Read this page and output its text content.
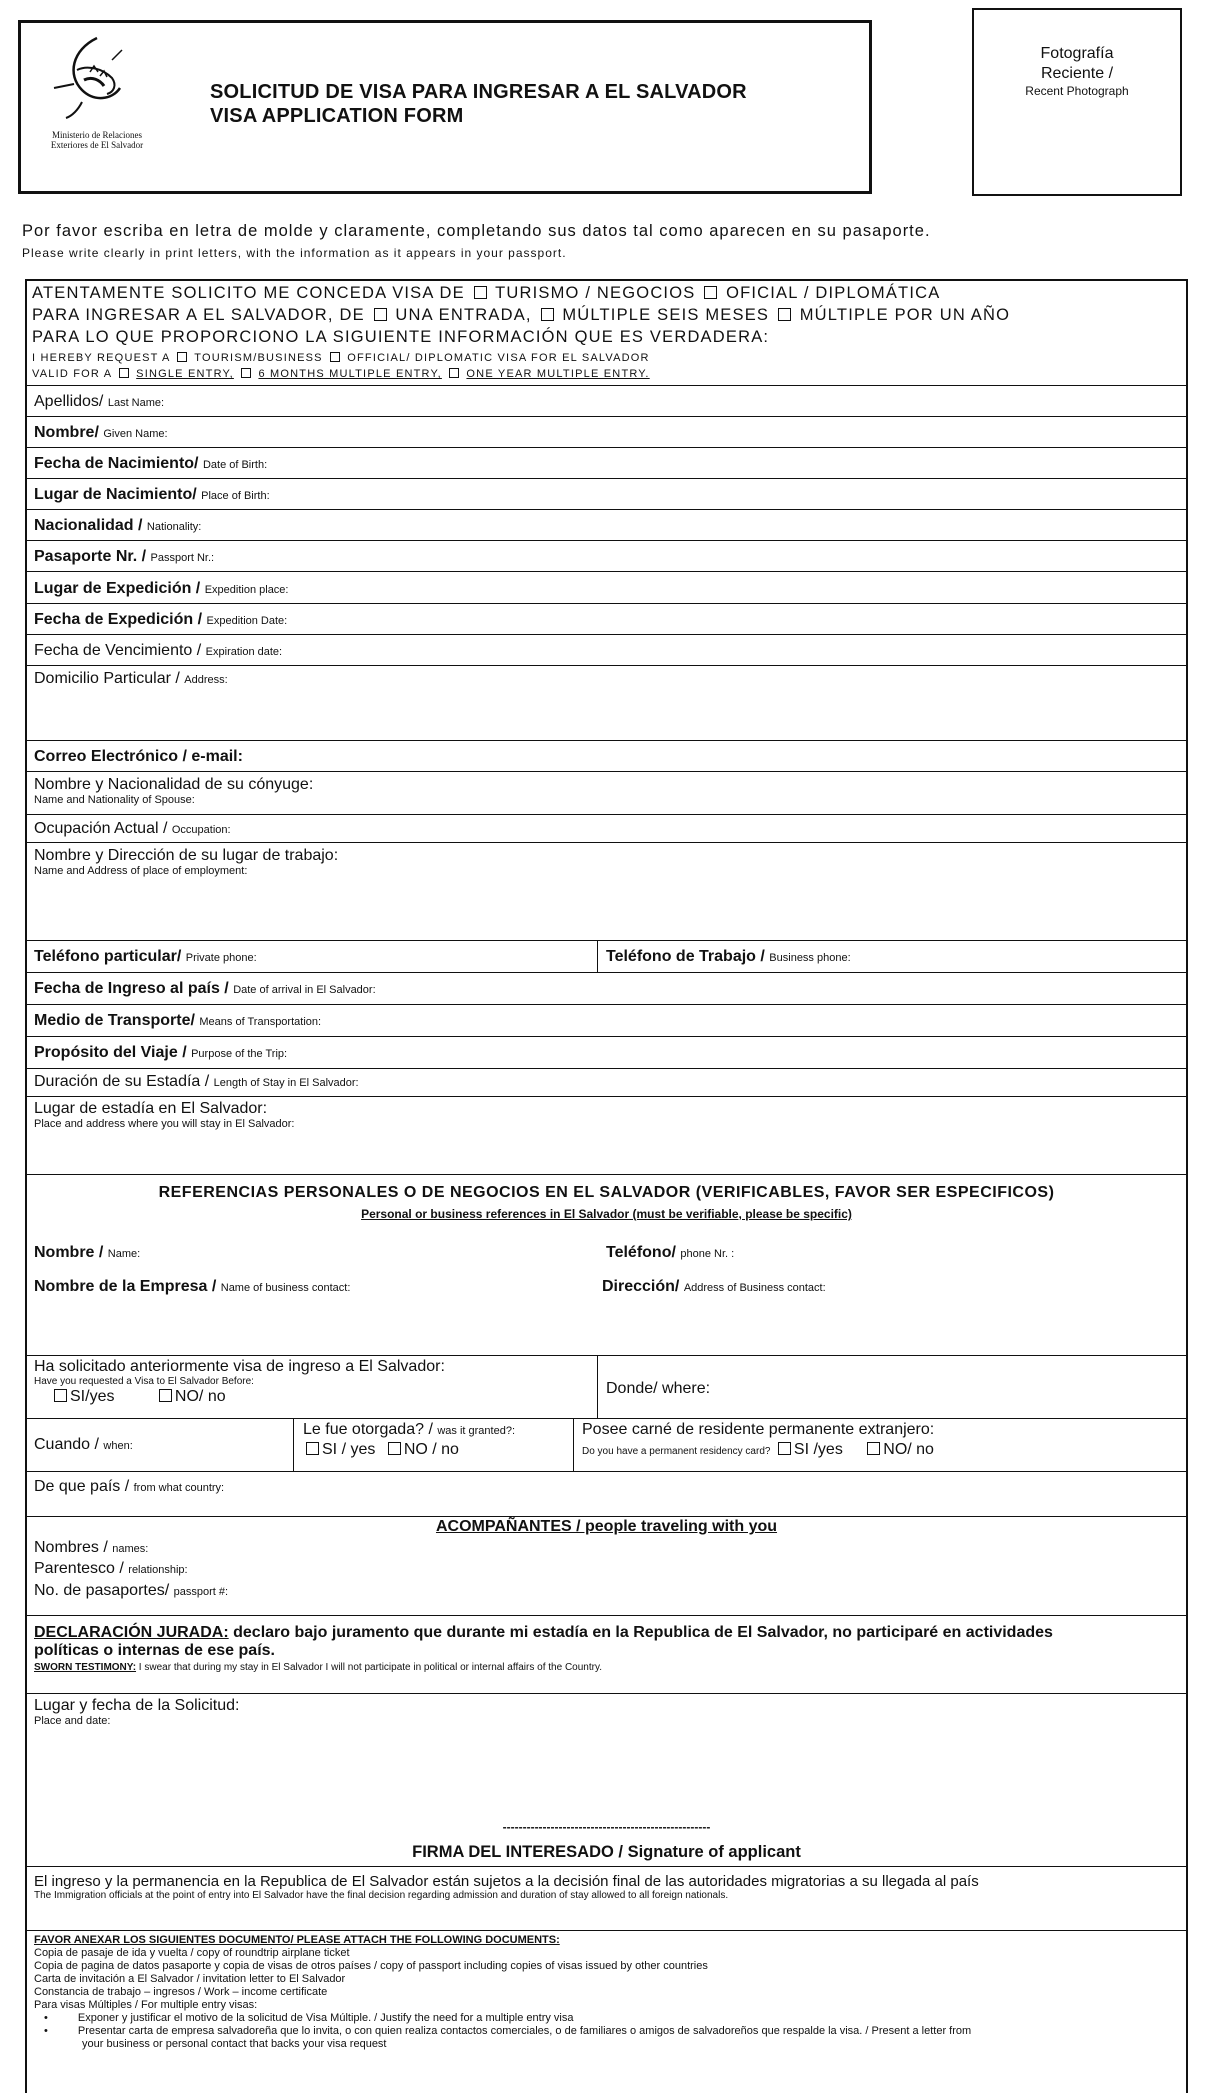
Ministerio de Relaciones
Exteriores de El Salvador
SOLICITUD DE VISA PARA INGRESAR A EL SALVADOR
VISA APPLICATION FORM
Fotografía
Reciente /
Recent Photograph
Por favor escriba en letra de molde y claramente, completando sus datos tal como aparecen en su pasaporte.
Please write clearly in print letters, with the information as it appears in your passport.
ATENTAMENTE SOLICITO ME CONCEDA VISA DE TURISMO / NEGOCIOS OFICIAL / DIPLOMÁTICA
PARA INGRESAR A EL SALVADOR, DE UNA ENTRADA, MÚLTIPLE SEIS MESES MÚLTIPLE POR UN AÑO
PARA LO QUE PROPORCIONO LA SIGUIENTE INFORMACIÓN QUE ES VERDADERA:
I HEREBY REQUEST A TOURISM/BUSINESS OFFICIAL/ DIPLOMATIC VISA FOR EL SALVADOR
VALID FOR A SINGLE ENTRY, 6 MONTHS MULTIPLE ENTRY, ONE YEAR MULTIPLE ENTRY.
Apellidos/ Last Name:
Nombre/ Given Name:
Fecha de Nacimiento/ Date of Birth:
Lugar de Nacimiento/ Place of Birth:
Nacionalidad / Nationality:
Pasaporte Nr. / Passport Nr.:
Lugar de Expedición / Expedition place:
Fecha de Expedición / Expedition Date:
Fecha de Vencimiento / Expiration date:
Domicilio Particular / Address:
Correo Electrónico / e-mail:
Nombre y Nacionalidad de su cónyuge:
Name and Nationality of Spouse:
Ocupación Actual / Occupation:
Nombre y Dirección de su lugar de trabajo:
Name and Address of place of employment:
Teléfono particular/ Private phone:	Teléfono de Trabajo / Business phone:
Fecha de Ingreso al país / Date of arrival in El Salvador:
Medio de Transporte/ Means of Transportation:
Propósito del Viaje / Purpose of the Trip:
Duración de su Estadía / Length of Stay in El Salvador:
Lugar de estadía en El Salvador:
Place and address where you will stay in El Salvador:
REFERENCIAS PERSONALES O DE NEGOCIOS EN EL SALVADOR (VERIFICABLES, FAVOR SER ESPECIFICOS)
Personal or business references in El Salvador (must be verifiable, please be specific)
Nombre / Name:	Teléfono/ phone Nr. :
Nombre de la Empresa / Name of business contact:	Dirección/ Address of Business contact:
Ha solicitado anteriormente visa de ingreso a El Salvador:
Have you requested a Visa to El Salvador Before:
SI/yes	NO/ no	Donde/ where:
Cuando / when:
Le fue otorgada? / was it granted?:
SI / yes NO / no
Posee carné de residente permanente extranjero:
Do you have a permanent residency card? SI /yes	NO/ no
De que país / from what country:
ACOMPAÑANTES / people traveling with you
Nombres / names:
Parentesco / relationship:
No. de pasaportes/ passport #:
DECLARACIÓN JURADA: declaro bajo juramento que durante mi estadía en la Republica de El Salvador, no participaré en actividades
políticas o internas de ese país.
SWORN TESTIMONY: I swear that during my stay in El Salvador I will not participate in political or internal affairs of the Country.
Lugar y fecha de la Solicitud:
Place and date:
----------------------------------------------------
FIRMA DEL INTERESADO / Signature of applicant
El ingreso y la permanencia en la Republica de El Salvador están sujetos a la decisión final de las autoridades migratorias a su llegada al país
The Immigration officials at the point of entry into El Salvador have the final decision regarding admission and duration of stay allowed to all foreign nationals.
FAVOR ANEXAR LOS SIGUIENTES DOCUMENTO/ PLEASE ATTACH THE FOLLOWING DOCUMENTS:
Copia de pasaje de ida y vuelta / copy of roundtrip airplane ticket
Copia de pagina de datos pasaporte y copia de visas de otros países / copy of passport including copies of visas issued by other countries
Carta de invitación a El Salvador / invitation letter to El Salvador
Constancia de trabajo – ingresos / Work – income certificate
Para visas Múltiples / For multiple entry visas:
•	Exponer y justificar el motivo de la solicitud de Visa Múltiple. / Justify the need for a multiple entry visa
•	Presentar carta de empresa salvadoreña que lo invita, o con quien realiza contactos comerciales, o de familiares o amigos de salvadoreños que respalde la visa. / Present a letter from
your business or personal contact that backs your visa request
